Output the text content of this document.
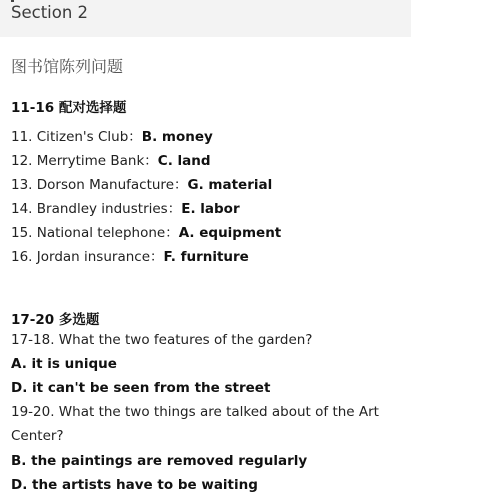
Section 2
图书馆陈列问题
11-16 配对选择题
11. Citizen's Club：B. money
12. Merrytime Bank：C. land
13. Dorson Manufacture：G. material
14. Brandley industries：E. labor
15. National telephone：A. equipment
16. Jordan insurance：F. furniture
17-20 多选题
17-18. What the two features of the garden?
A. it is unique
D. it can't be seen from the street
19-20. What the two things are talked about of the Art
Center?
B. the paintings are removed regularly
D. the artists have to be waiting
